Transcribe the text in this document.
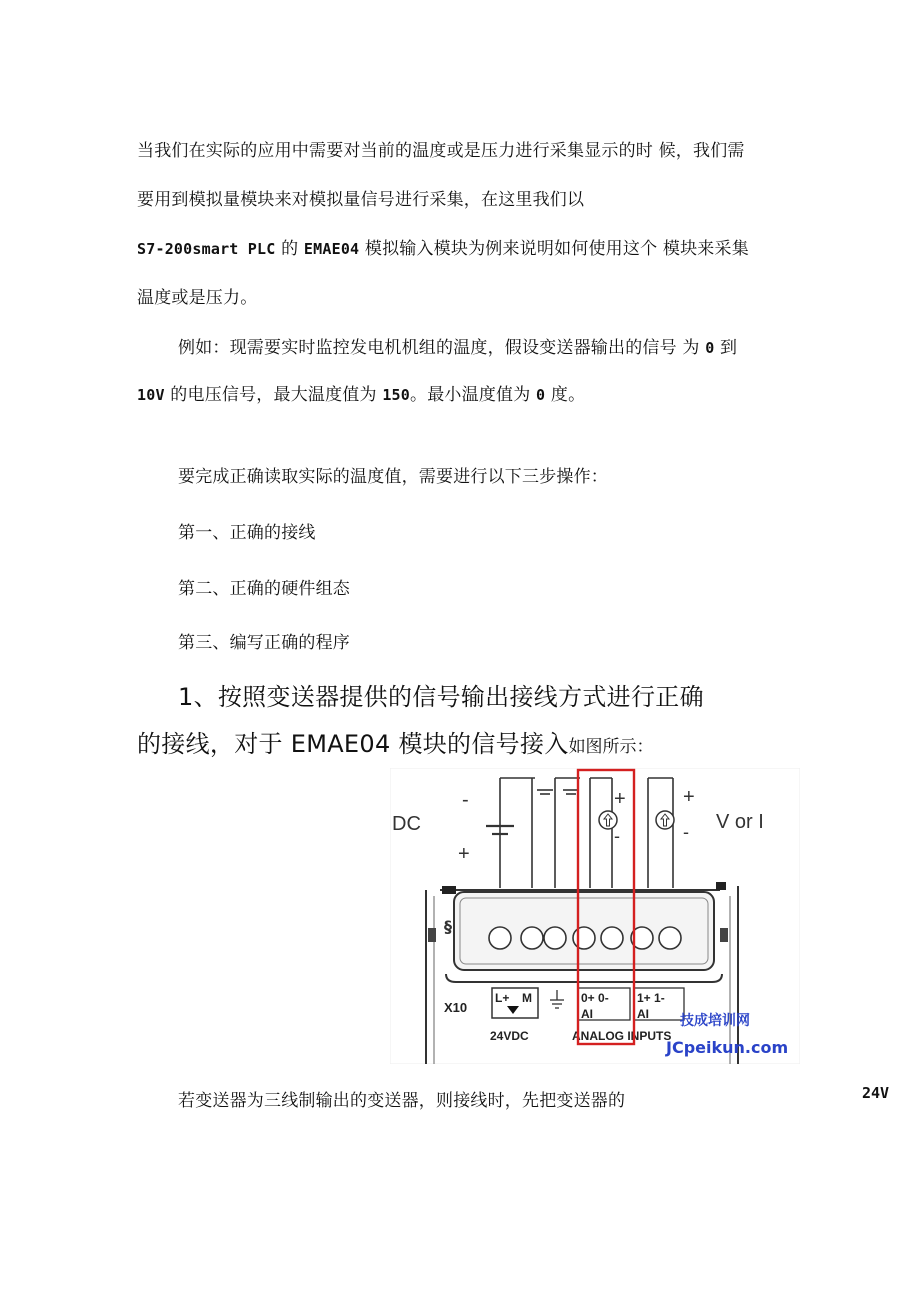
当我们在实际的应用中需要对当前的温度或是压力进行采集显示的时 候，我们需
要用到模拟量模块来对模拟量信号进行采集，在这里我们以
S7-200smart PLC 的 EMAE04 模拟输入模块为例来说明如何使用这个 模块来采集
温度或是压力。
例如：现需要实时监控发电机机组的温度，假设变送器输出的信号 为 0 到
10V 的电压信号，最大温度值为 150。最小温度值为 0 度。
要完成正确读取实际的温度值，需要进行以下三步操作：
第一、正确的接线
第二、正确的硬件组态
第三、编写正确的程序
1、按照变送器提供的信号输出接线方式进行正确
的接线，对于 EMAE04 模块的信号接入如图所示：
DC
-
+
+
-
+
- V or I
§
X10
L+ M
24VDC
0+ 0-
AI
1+ 1-
AI
ANALOG INPUTS
技成培训网
JCpeikun.com
若变送器为三线制输出的变送器，则接线时，先把变送器的	24V
